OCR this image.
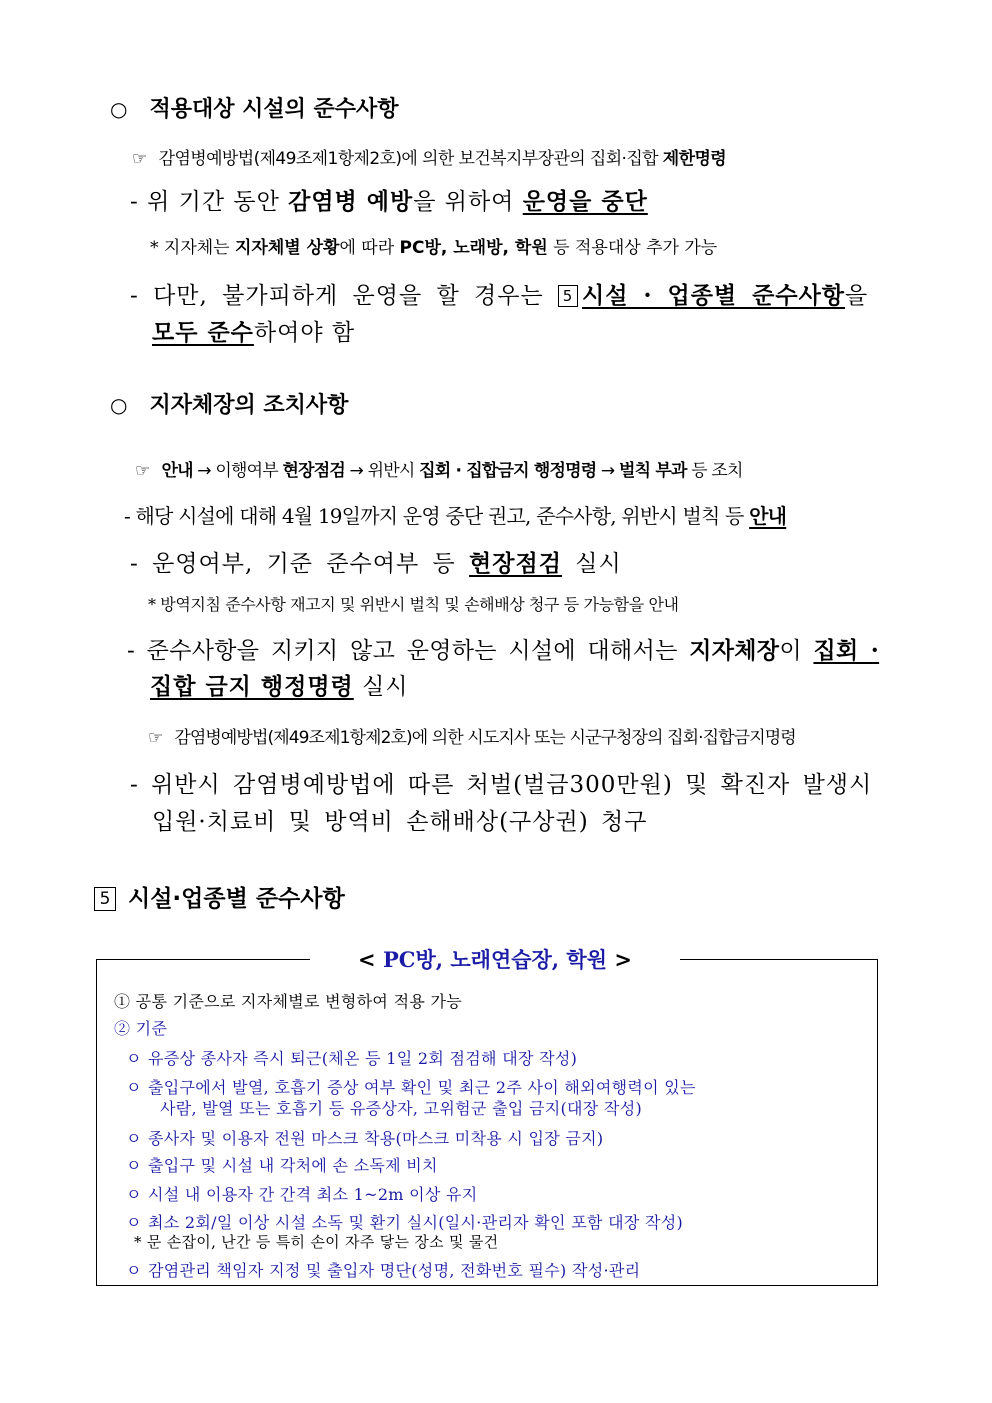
○ 적용대상 시설의 준수사항
☞ 감염병예방법(제49조제1항제2호)에 의한 보건복지부장관의 집회·집합 제한명령
- 위 기간 동안 감염병 예방을 위하여 운영을 중단
* 지자체는 지자체별 상황에 따라 PC방, 노래방, 학원 등 적용대상 추가 가능
- 다만, 불가피하게 운영을 할 경우는 5 시설 · 업종별 준수사항을
모두 준수하여야 함
○ 지자체장의 조치사항
☞ 안내 → 이행여부 현장점검 → 위반시 집회 · 집합금지 행정명령 → 벌칙 부과 등 조치
- 해당 시설에 대해 4월 19일까지 운영 중단 권고, 준수사항, 위반시 벌칙 등 안내
- 운영여부, 기준 준수여부 등 현장점검 실시
* 방역지침 준수사항 재고지 및 위반시 벌칙 및 손해배상 청구 등 가능함을 안내
- 준수사항을 지키지 않고 운영하는 시설에 대해서는 지자체장이 집회 ·
집합 금지 행정명령 실시
☞ 감염병예방법(제49조제1항제2호)에 의한 시도지사 또는 시군구청장의 집회·집합금지명령
- 위반시 감염병예방법에 따른 처벌(벌금300만원) 및 확진자 발생시
입원·치료비 및 방역비 손해배상(구상권) 청구
5 시설·업종별 준수사항
< PC방, 노래연습장, 학원 >
① 공통 기준으로 지자체별로 변형하여 적용 가능
② 기준
ㅇ 유증상 종사자 즉시 퇴근(체온 등 1일 2회 점검해 대장 작성)
ㅇ 출입구에서 발열, 호흡기 증상 여부 확인 및 최근 2주 사이 해외여행력이 있는
사람, 발열 또는 호흡기 등 유증상자, 고위험군 출입 금지(대장 작성)
ㅇ 종사자 및 이용자 전원 마스크 착용(마스크 미착용 시 입장 금지)
ㅇ 출입구 및 시설 내 각처에 손 소독제 비치
ㅇ 시설 내 이용자 간 간격 최소 1~2m 이상 유지
ㅇ 최소 2회/일 이상 시설 소독 및 환기 실시(일시·관리자 확인 포함 대장 작성)
* 문 손잡이, 난간 등 특히 손이 자주 닿는 장소 및 물건
ㅇ 감염관리 책임자 지정 및 출입자 명단(성명, 전화번호 필수) 작성·관리
